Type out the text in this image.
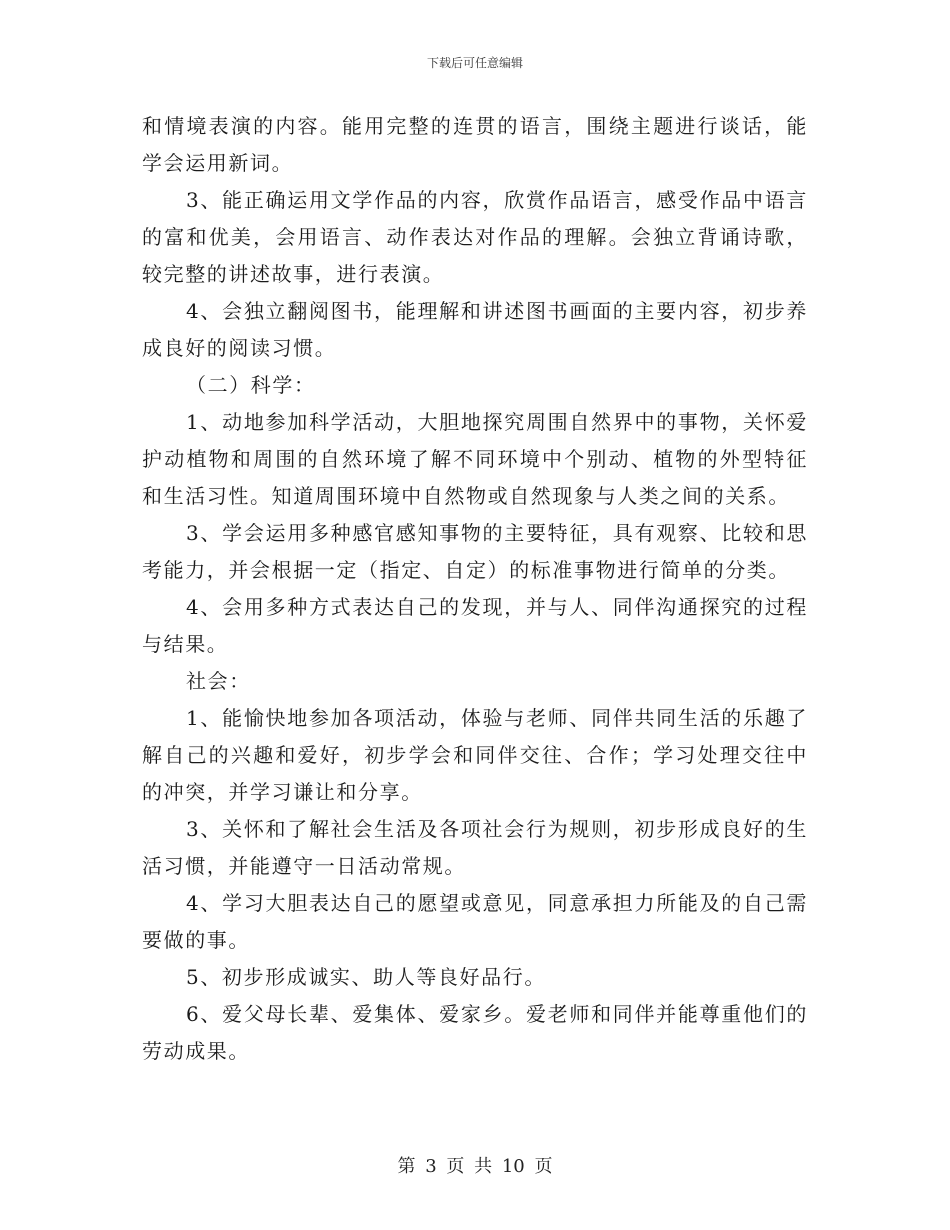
下载后可任意编辑

和情境表演的内容。能用完整的连贯的语言，围绕主题进行谈话，能学会运用新词。

3、能正确运用文学作品的内容，欣赏作品语言，感受作品中语言的富和优美，会用语言、动作表达对作品的理解。会独立背诵诗歌，较完整的讲述故事，进行表演。

4、会独立翻阅图书，能理解和讲述图书画面的主要内容，初步养成良好的阅读习惯。

（二）科学：

1、动地参加科学活动，大胆地探究周围自然界中的事物，关怀爱护动植物和周围的自然环境了解不同环境中个别动、植物的外型特征和生活习性。知道周围环境中自然物或自然现象与人类之间的关系。

3、学会运用多种感官感知事物的主要特征，具有观察、比较和思考能力，并会根据一定（指定、自定）的标准事物进行简单的分类。

4、会用多种方式表达自己的发现，并与人、同伴沟通探究的过程与结果。

社会：

1、能愉快地参加各项活动，体验与老师、同伴共同生活的乐趣了解自己的兴趣和爱好，初步学会和同伴交往、合作；学习处理交往中的冲突，并学习谦让和分享。

3、关怀和了解社会生活及各项社会行为规则，初步形成良好的生活习惯，并能遵守一日活动常规。

4、学习大胆表达自己的愿望或意见，同意承担力所能及的自己需要做的事。

5、初步形成诚实、助人等良好品行。

6、爱父母长辈、爱集体、爱家乡。爱老师和同伴并能尊重他们的劳动成果。

第 3 页 共 10 页
